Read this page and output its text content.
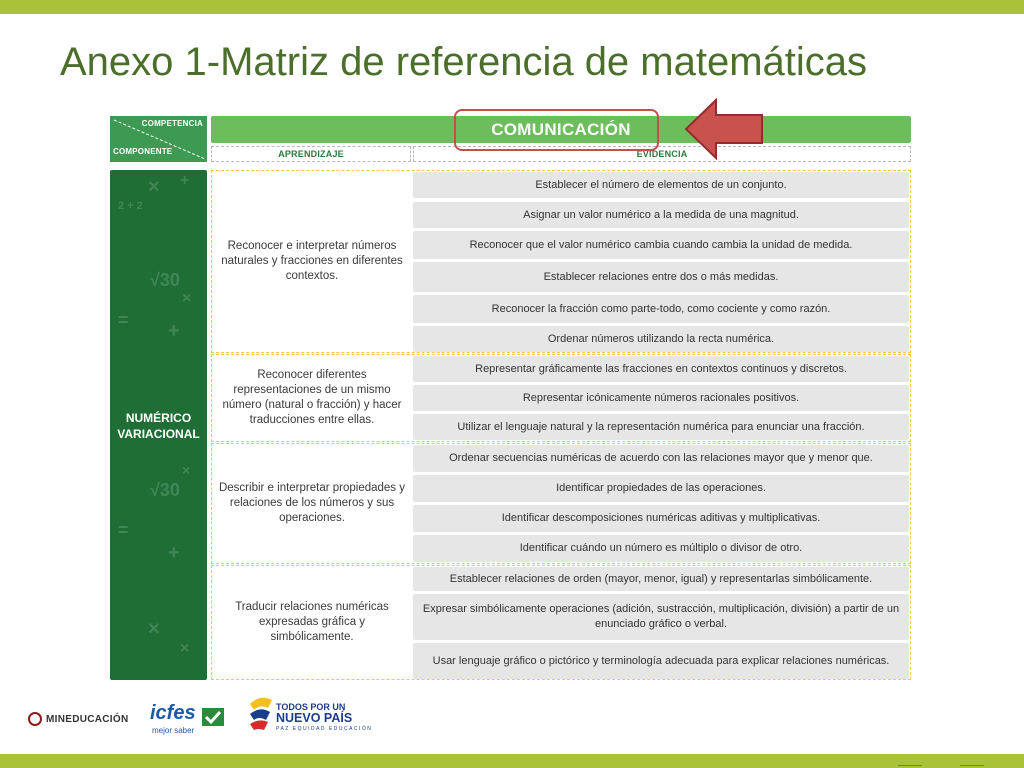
Anexo 1-Matriz de referencia de matemáticas
COMPETENCIA
COMPONENTE
COMUNICACIÓN
APRENDIZAJE	EVIDENCIA
× +
2 + 2
√30
×
= +
×
√30
=
+
×
×
NUMÉRICO VARIACIONAL
Reconocer e interpretar números naturales y fracciones en diferentes contextos.
Establecer el número de elementos de un conjunto.
Asignar un valor numérico a la medida de una magnitud.
Reconocer que el valor numérico cambia cuando cambia la unidad de medida.
Establecer relaciones entre dos o más medidas.
Reconocer la fracción como parte-todo, como cociente y como razón.
Ordenar números utilizando la recta numérica.
Reconocer diferentes representaciones de un mismo número (natural o fracción) y hacer traducciones entre ellas.
Representar gráficamente las fracciones en contextos continuos y discretos.
Representar icónicamente números racionales positivos.
Utilizar el lenguaje natural y la representación numérica para enunciar una fracción.
Describir e interpretar propiedades y relaciones de los números y sus operaciones.
Ordenar secuencias numéricas de acuerdo con las relaciones mayor que y menor que.
Identificar propiedades de las operaciones.
Identificar descomposiciones numéricas aditivas y multiplicativas.
Identificar cuándo un número es múltiplo o divisor de otro.
Traducir relaciones numéricas expresadas gráfica y simbólicamente.
Establecer relaciones de orden (mayor, menor, igual) y representarlas simbólicamente.
Expresar simbólicamente operaciones (adición, sustracción, multiplicación, división) a partir de un enunciado gráfico o verbal.
Usar lenguaje gráfico o pictórico y terminología adecuada para explicar relaciones numéricas.
MINEDUCACIÓN icfes
mejor saber
TODOS POR UN
NUEVO PAÍS
PAZ EQUIDAD EDUCACIÓN
